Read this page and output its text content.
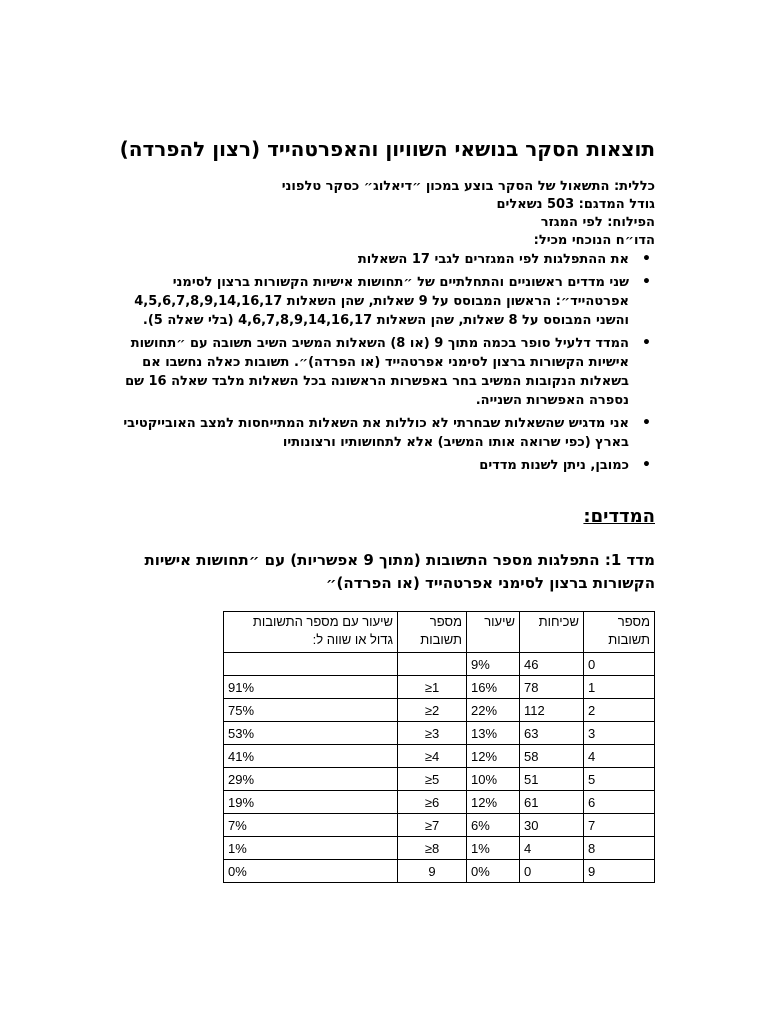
תוצאות הסקר בנושאי השוויון והאפרטהייד (רצון להפרדה)
כללית: התשאול של הסקר בוצע במכון ״דיאלוג״ כסקר טלפוני
גודל המדגם: 503 נשאלים
הפילוח: לפי המגזר
הדו״ח הנוכחי מכיל:
• את ההתפלגות לפי המגזרים לגבי 17 השאלות
• שני מדדים ראשוניים והתחלתיים של ״תחושות אישיות הקשורות ברצון לסימני אפרטהייד״: הראשון המבוסס על 9 שאלות, שהן השאלות 4,5,6,7,8,9,14,16,17 והשני המבוסס על 8 שאלות, שהן השאלות 4,6,7,8,9,14,16,17 (בלי שאלה 5).
• המדד דלעיל סופר בכמה מתוך 9 (או 8) השאלות המשיב השיב תשובה עם ״תחושות אישיות הקשורות ברצון לסימני אפרטהייד (או הפרדה)״. תשובות כאלה נחשבו אם בשאלות הנקובות המשיב בחר באפשרות הראשונה בכל השאלות מלבד שאלה 16 שם נספרה האפשרות השנייה.
• אני מדגיש שהשאלות שבחרתי לא כוללות את השאלות המתייחסות למצב האובייקטיבי בארץ (כפי שרואה אותו המשיב) אלא לתחושותיו ורצונותיו
• כמובן, ניתן לשנות מדדים
המדדים:
מדד 1: התפלגות מספר התשובות (מתוך 9 אפשריות) עם ״תחושות אישיות הקשורות ברצון לסימני אפרטהייד (או הפרדה)״
מספר תשובות	שכיחות	שיעור	מספר תשובות	שיעור עם מספר התשובות גדול או שווה ל:
0	46	9%		
1	78	16%	≥1	91%
2	112	22%	≥2	75%
3	63	13%	≥3	53%
4	58	12%	≥4	41%
5	51	10%	≥5	29%
6	61	12%	≥6	19%
7	30	6%	≥7	7%
8	4	1%	≥8	1%
9	0	0%	9	0%
